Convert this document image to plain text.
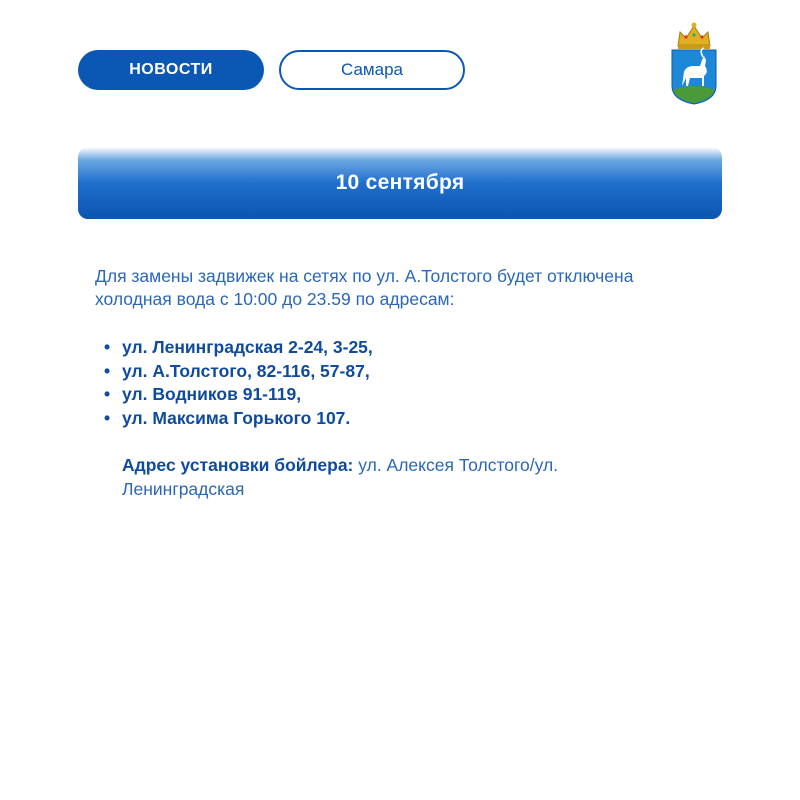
НОВОСТИ	Самара
10 сентября

Для замены задвижек на сетях по ул. А.Толстого будет отключена холодная вода с 10:00 до 23.59 по адресам:

• ул. Ленинградская 2-24, 3-25,
• ул. А.Толстого, 82-116, 57-87,
• ул. Водников 91-119,
• ул. Максима Горького 107.

Адрес установки бойлера: ул. Алексея Толстого/ул. Ленинградская
